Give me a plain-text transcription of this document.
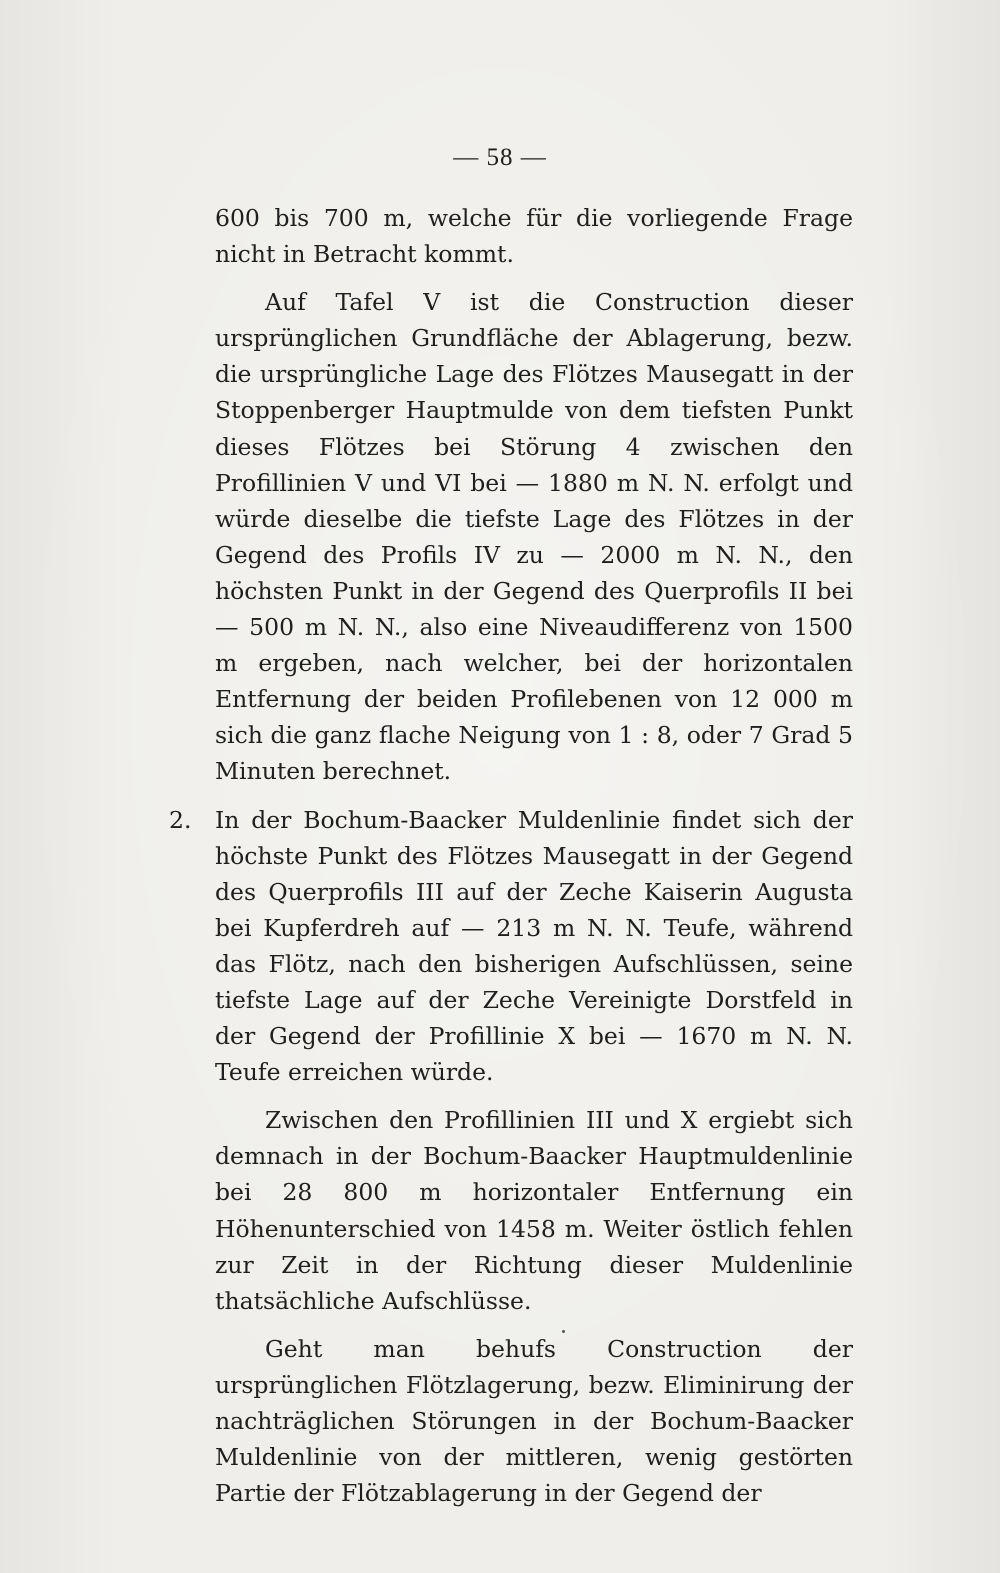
— 58 —

600 bis 700 m, welche für die vorliegende Frage nicht in Betracht kommt.

Auf Tafel V ist die Construction dieser ursprünglichen Grundfläche der Ablagerung, bezw. die ursprüngliche Lage des Flötzes Mausegatt in der Stoppenberger Hauptmulde von dem tiefsten Punkt dieses Flötzes bei Störung 4 zwischen den Profillinien V und VI bei — 1880 m N. N. erfolgt und würde dieselbe die tiefste Lage des Flötzes in der Gegend des Profils IV zu — 2000 m N. N., den höchsten Punkt in der Gegend des Querprofils II bei — 500 m N. N., also eine Niveaudifferenz von 1500 m ergeben, nach welcher, bei der horizontalen Entfernung der beiden Profilebenen von 12 000 m sich die ganz flache Neigung von 1 : 8, oder 7 Grad 5 Minuten berechnet.

2. In der Bochum-Baacker Muldenlinie findet sich der höchste Punkt des Flötzes Mausegatt in der Gegend des Querprofils III auf der Zeche Kaiserin Augusta bei Kupferdreh auf — 213 m N. N. Teufe, während das Flötz, nach den bisherigen Aufschlüssen, seine tiefste Lage auf der Zeche Vereinigte Dorstfeld in der Gegend der Profillinie X bei — 1670 m N. N. Teufe erreichen würde.

Zwischen den Profillinien III und X ergiebt sich demnach in der Bochum-Baacker Hauptmuldenlinie bei 28 800 m horizontaler Entfernung ein Höhenunterschied von 1458 m. Weiter östlich fehlen zur Zeit in der Richtung dieser Muldenlinie thatsächliche Aufschlüsse.

Geht man behufs Construction der ursprünglichen Flötzlagerung, bezw. Eliminirung der nachträglichen Störungen in der Bochum-Baacker Muldenlinie von der mittleren, wenig gestörten Partie der Flötzablagerung in der Gegend der
